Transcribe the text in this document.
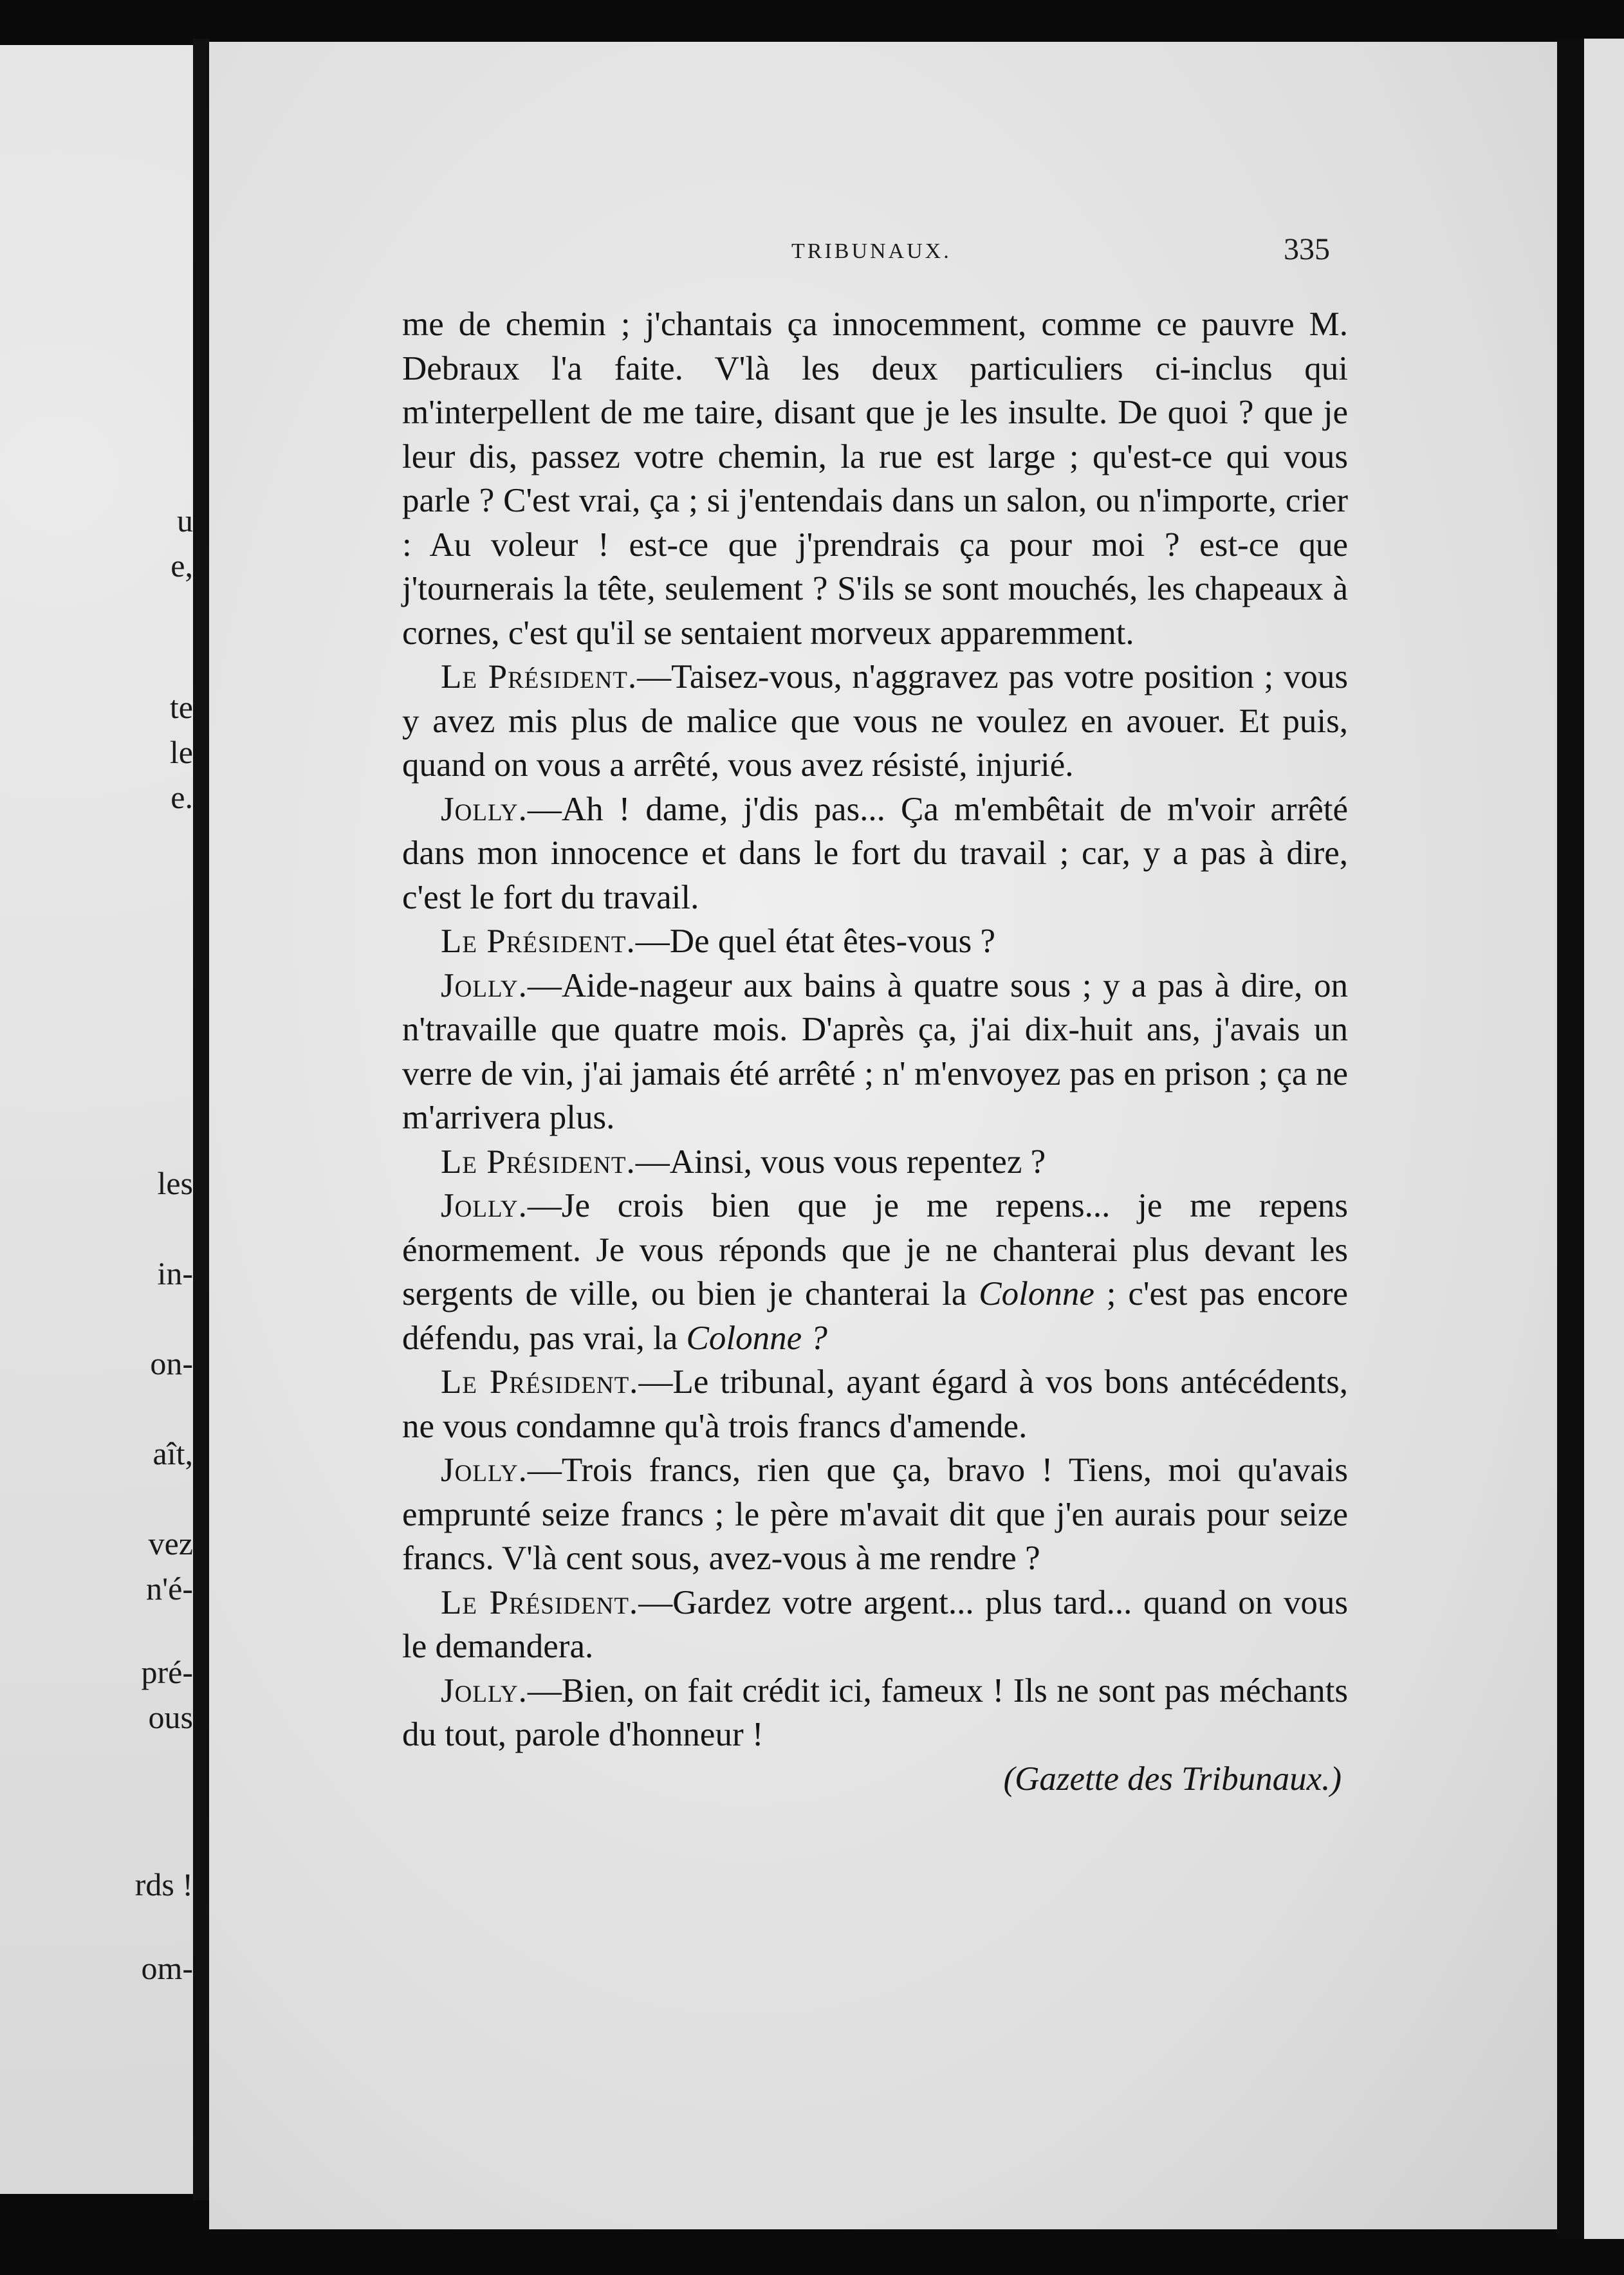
u
e,
te
le
e.
les
in-
on-
aît,
vez
n'é-
pré-
ous
rds !
om-
TRIBUNAUX.	335

me de chemin ; j'chantais ça innocemment, comme ce pauvre M. Debraux l'a faite. V'là les deux particuliers ci-inclus qui m'interpellent de me taire, disant que je les insulte. De quoi ? que je leur dis, passez votre chemin, la rue est large ; qu'est-ce qui vous parle ? C'est vrai, ça ; si j'entendais dans un salon, ou n'importe, crier : Au voleur ! est-ce que j'prendrais ça pour moi ? est-ce que j'tournerais la tête, seulement ? S'ils se sont mouchés, les chapeaux à cornes, c'est qu'il se sentaient morveux apparemment.

Le Président.—Taisez-vous, n'aggravez pas votre position ; vous y avez mis plus de malice que vous ne voulez en avouer. Et puis, quand on vous a arrêté, vous avez résisté, injurié.

Jolly.—Ah ! dame, j'dis pas... Ça m'embêtait de m'voir arrêté dans mon innocence et dans le fort du travail ; car, y a pas à dire, c'est le fort du travail.

Le Président.—De quel état êtes-vous ?

Jolly.—Aide-nageur aux bains à quatre sous ; y a pas à dire, on n'travaille que quatre mois. D'après ça, j'ai dix-huit ans, j'avais un verre de vin, j'ai jamais été arrêté ; n' m'envoyez pas en prison ; ça ne m'arrivera plus.

Le Président.—Ainsi, vous vous repentez ?

Jolly.—Je crois bien que je me repens... je me repens énormement. Je vous réponds que je ne chanterai plus devant les sergents de ville, ou bien je chanterai la Colonne ; c'est pas encore défendu, pas vrai, la Colonne ?

Le Président.—Le tribunal, ayant égard à vos bons antécédents, ne vous condamne qu'à trois francs d'amende.

Jolly.—Trois francs, rien que ça, bravo ! Tiens, moi qu'avais emprunté seize francs ; le père m'avait dit que j'en aurais pour seize francs. V'là cent sous, avez-vous à me rendre ?

Le Président.—Gardez votre argent... plus tard... quand on vous le demandera.

Jolly.—Bien, on fait crédit ici, fameux ! Ils ne sont pas méchants du tout, parole d'honneur !

(Gazette des Tribunaux.)
